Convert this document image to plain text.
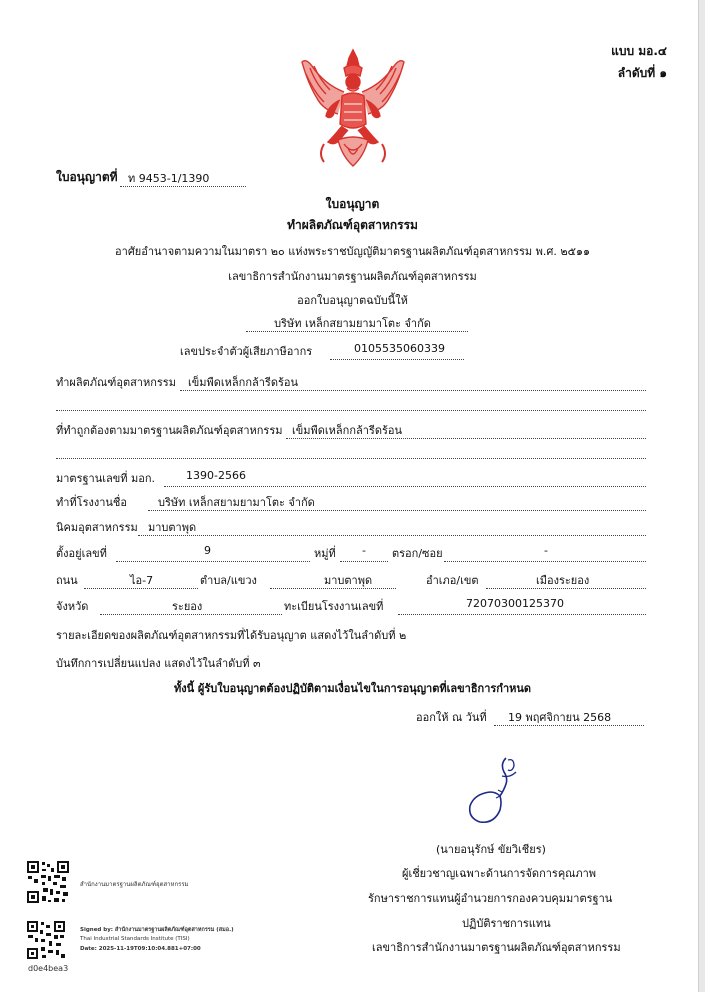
แบบ มอ.๔
ลำดับที่ ๑
ใบอนุญาตที่ ท 9453-1/1390
ใบอนุญาต
ทำผลิตภัณฑ์อุตสาหกรรม
อาศัยอำนาจตามความในมาตรา ๒๐ แห่งพระราชบัญญัติมาตรฐานผลิตภัณฑ์อุตสาหกรรม พ.ศ. ๒๕๑๑
เลขาธิการสำนักงานมาตรฐานผลิตภัณฑ์อุตสาหกรรม
ออกใบอนุญาตฉบับนี้ให้
บริษัท เหล็กสยามยามาโตะ จำกัด
เลขประจำตัวผู้เสียภาษีอากร	0105535060339
ทำผลิตภัณฑ์อุตสาหกรรม เข็มพืดเหล็กกล้ารีดร้อน
ที่ทำถูกต้องตามมาตรฐานผลิตภัณฑ์อุตสาหกรรม เข็มพืดเหล็กกล้ารีดร้อน
มาตรฐานเลขที่ มอก.	1390-2566
ทำที่โรงงานชื่อ	บริษัท เหล็กสยามยามาโตะ จำกัด
นิคมอุตสาหกรรม มาบตาพุด
ตั้งอยู่เลขที่	9	หมู่ที่ - ตรอก/ซอย	-
ถนน	ไอ-7	ตำบล/แขวง	มาบตาพุด	อำเภอ/เขต	เมืองระยอง
จังหวัด	ระยอง	ทะเบียนโรงงานเลขที่	72070300125370
รายละเอียดของผลิตภัณฑ์อุตสาหกรรมที่ได้รับอนุญาต แสดงไว้ในลำดับที่ ๒
บันทึกการเปลี่ยนแปลง แสดงไว้ในลำดับที่ ๓
ทั้งนี้ ผู้รับใบอนุญาตต้องปฏิบัติตามเงื่อนไขในการอนุญาตที่เลขาธิการกำหนด
ออกให้ ณ วันที่ 19 พฤศจิกายน 2568
(นายอนุรักษ์ ขัยวิเชียร)
ผู้เชี่ยวชาญเฉพาะด้านการจัดการคุณภาพ
รักษาราชการแทนผู้อำนวยการกองควบคุมมาตรฐาน
ปฏิบัติราชการแทน
เลขาธิการสำนักงานมาตรฐานผลิตภัณฑ์อุตสาหกรรม
สำนักงานมาตรฐานผลิตภัณฑ์อุตสาหกรรม
Signed by: สำนักงานมาตรฐานผลิตภัณฑ์อุตสาหกรรม (สมอ.)
Thai Industrial Standards Institute (TISI)
Date: 2025-11-19T09:10:04.881+07:00
d0e4bea3
